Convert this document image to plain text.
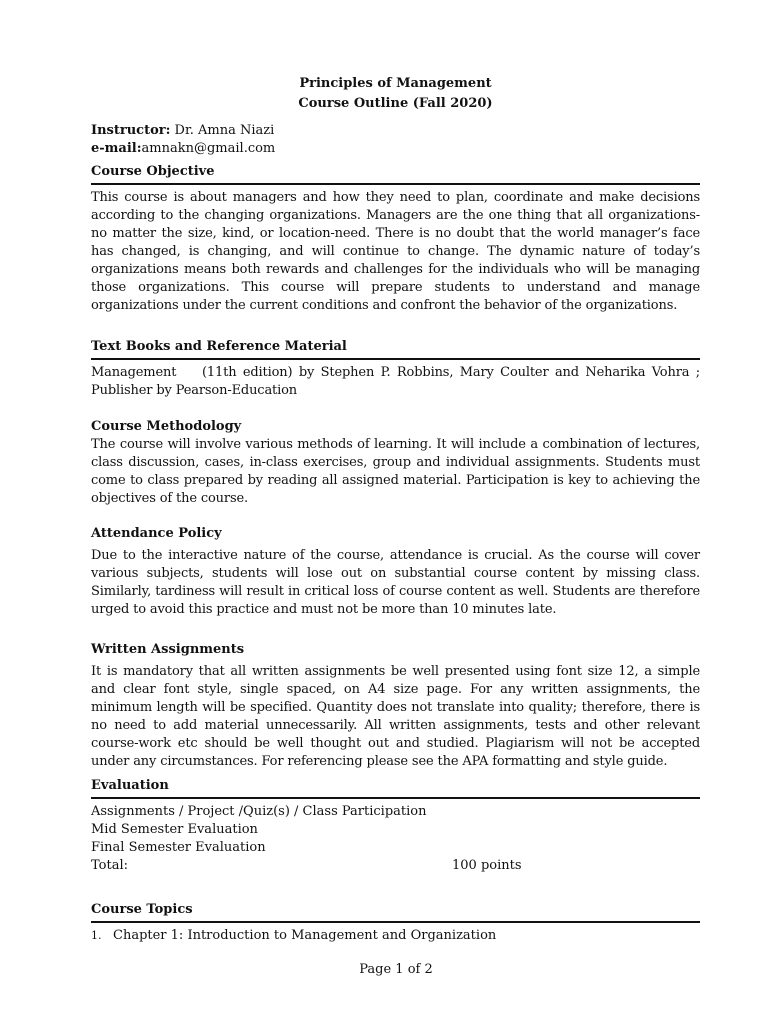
Principles of Management
Course Outline (Fall 2020)
Instructor: Dr. Amna Niazi
e-mail:amnakn@gmail.com
Course Objective

This course is about managers and how they need to plan, coordinate and make decisions according to the changing organizations. Managers are the one thing that all organizations-no matter the size, kind, or location-need. There is no doubt that the world manager’s face has changed, is changing, and will continue to change. The dynamic nature of today’s organizations means both rewards and challenges for the individuals who will be managing those organizations. This course will prepare students to understand and manage organizations under the current conditions and confront the behavior of the organizations.

Text Books and Reference Material

Management    (11th edition) by Stephen P. Robbins, Mary Coulter and Neharika Vohra ; Publisher by Pearson-Education

Course Methodology

The course will involve various methods of learning. It will include a combination of lectures, class discussion, cases, in-class exercises, group and individual assignments. Students must come to class prepared by reading all assigned material. Participation is key to achieving the objectives of the course.

Attendance Policy

Due to the interactive nature of the course, attendance is crucial. As the course will cover various subjects, students will lose out on substantial course content by missing class. Similarly, tardiness will result in critical loss of course content as well. Students are therefore urged to avoid this practice and must not be more than 10 minutes late.

Written Assignments

It is mandatory that all written assignments be well presented using font size 12, a simple and clear font style, single spaced, on A4 size page. For any written assignments, the minimum length will be specified. Quantity does not translate into quality; therefore, there is no need to add material unnecessarily. All written assignments, tests and other relevant course-work etc should be well thought out and studied. Plagiarism will not be accepted under any circumstances. For referencing please see the APA formatting and style guide.

Evaluation
Assignments / Project /Quiz(s) / Class Participation
Mid Semester Evaluation
Final Semester Evaluation
Total:	100 points
Course Topics
1. Chapter 1: Introduction to Management and Organization
Page 1 of 2
